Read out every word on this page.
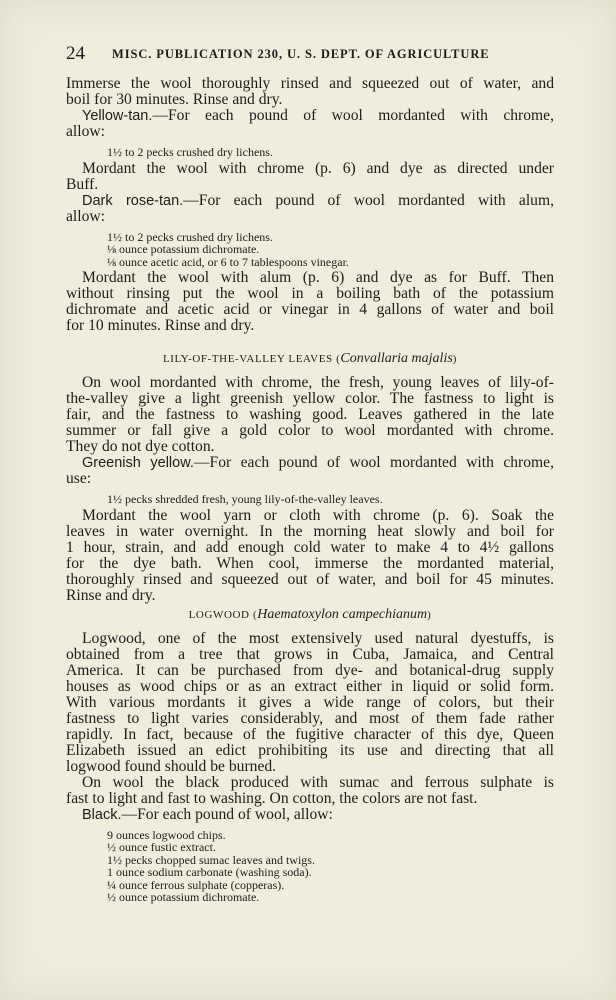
24 MISC. PUBLICATION 230, U. S. DEPT. OF AGRICULTURE
Immerse the wool thoroughly rinsed and squeezed out of water, and
boil for 30 minutes. Rinse and dry.
Yellow-tan.—For each pound of wool mordanted with chrome,
allow:
1½ to 2 pecks crushed dry lichens.
Mordant the wool with chrome (p. 6) and dye as directed under
Buff.
Dark rose-tan.—For each pound of wool mordanted with alum,
allow:
1½ to 2 pecks crushed dry lichens.
⅛ ounce potassium dichromate.
⅛ ounce acetic acid, or 6 to 7 tablespoons vinegar.
Mordant the wool with alum (p. 6) and dye as for Buff. Then
without rinsing put the wool in a boiling bath of the potassium
dichromate and acetic acid or vinegar in 4 gallons of water and boil
for 10 minutes. Rinse and dry.
LILY-OF-THE-VALLEY LEAVES (Convallaria majalis)
On wool mordanted with chrome, the fresh, young leaves of lily-of-
the-valley give a light greenish yellow color. The fastness to light is
fair, and the fastness to washing good. Leaves gathered in the late
summer or fall give a gold color to wool mordanted with chrome.
They do not dye cotton.
Greenish yellow.—For each pound of wool mordanted with chrome,
use:
1½ pecks shredded fresh, young lily-of-the-valley leaves.
Mordant the wool yarn or cloth with chrome (p. 6). Soak the
leaves in water overnight. In the morning heat slowly and boil for
1 hour, strain, and add enough cold water to make 4 to 4½ gallons
for the dye bath. When cool, immerse the mordanted material,
thoroughly rinsed and squeezed out of water, and boil for 45 minutes.
Rinse and dry.
LOGWOOD (Haematoxylon campechianum)
Logwood, one of the most extensively used natural dyestuffs, is
obtained from a tree that grows in Cuba, Jamaica, and Central
America. It can be purchased from dye- and botanical-drug supply
houses as wood chips or as an extract either in liquid or solid form.
With various mordants it gives a wide range of colors, but their
fastness to light varies considerably, and most of them fade rather
rapidly. In fact, because of the fugitive character of this dye, Queen
Elizabeth issued an edict prohibiting its use and directing that all
logwood found should be burned.
On wool the black produced with sumac and ferrous sulphate is
fast to light and fast to washing. On cotton, the colors are not fast.
Black.—For each pound of wool, allow:
9 ounces logwood chips.
½ ounce fustic extract.
1½ pecks chopped sumac leaves and twigs.
1 ounce sodium carbonate (washing soda).
¼ ounce ferrous sulphate (copperas).
½ ounce potassium dichromate.
